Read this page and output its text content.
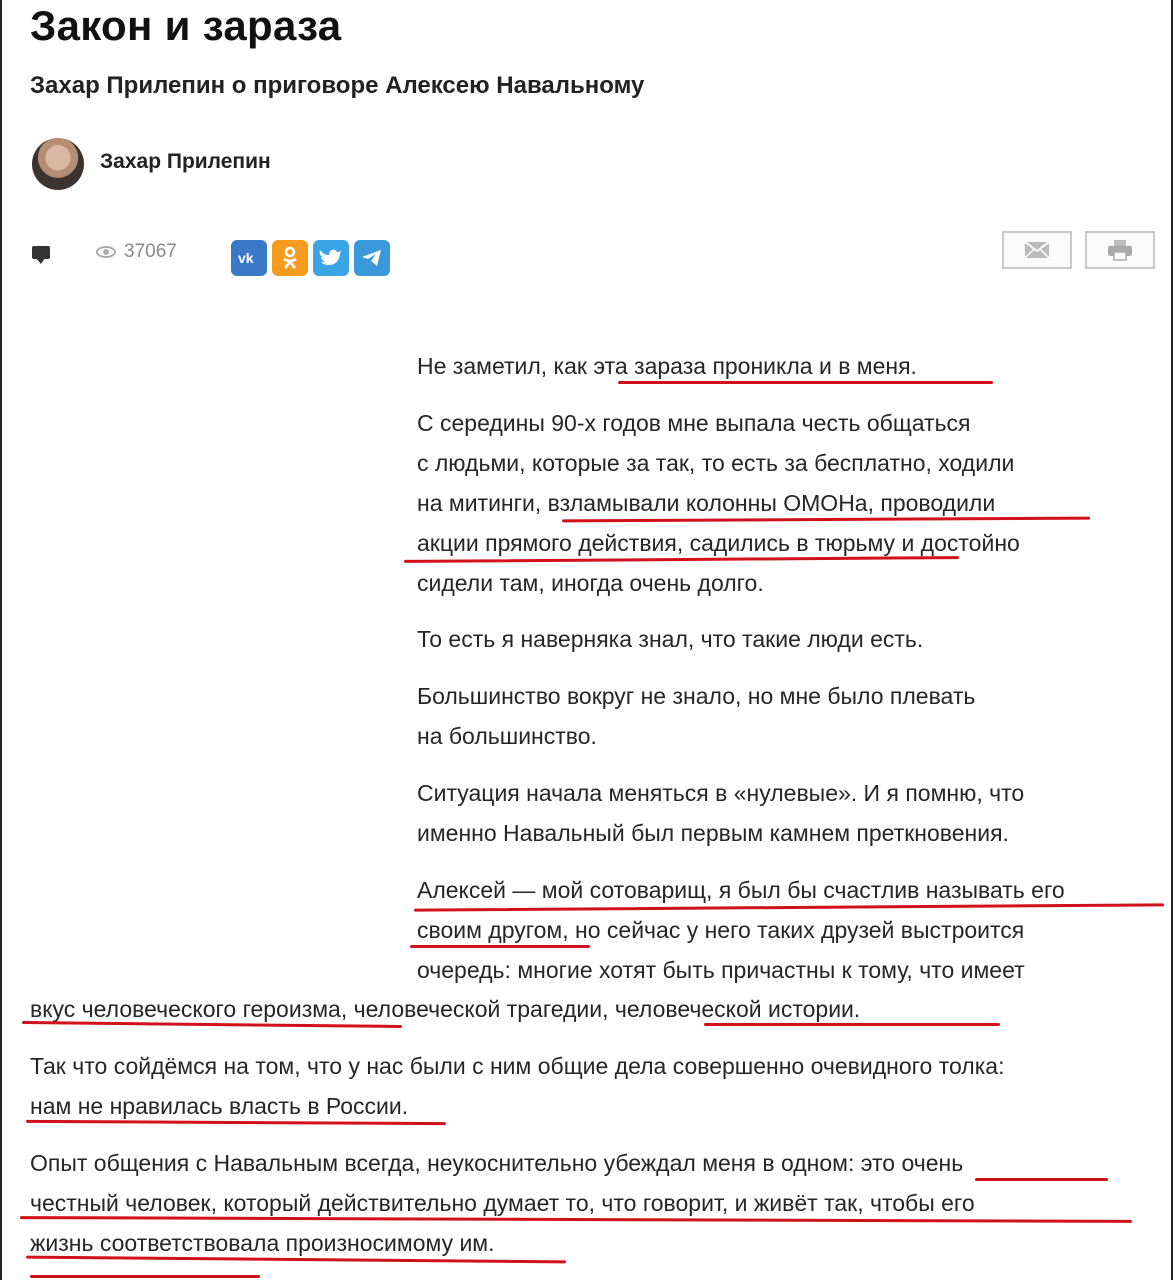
Закон и зараза
Захар Прилепин о приговоре Алексею Навальному
Захар Прилепин
37067	vk
Не заметил, как эта зараза проникла и в меня.
С середины 90-х годов мне выпала честь общаться
с людьми, которые за так, то есть за бесплатно, ходили
на митинги, взламывали колонны ОМОНа, проводили
акции прямого действия, садились в тюрьму и достойно
сидели там, иногда очень долго.
То есть я наверняка знал, что такие люди есть.
Большинство вокруг не знало, но мне было плевать
на большинство.
Ситуация начала меняться в «нулевые». И я помню, что
именно Навальный был первым камнем преткновения.
Алексей — мой сотоварищ, я был бы счастлив называть его
своим другом, но сейчас у него таких друзей выстроится
очередь: многие хотят быть причастны к тому, что имеет
вкус человеческого героизма, человеческой трагедии, человеческой истории.
Так что сойдёмся на том, что у нас были с ним общие дела совершенно очевидного толка:
нам не нравилась власть в России.
Опыт общения с Навальным всегда, неукоснительно убеждал меня в одном: это очень
честный человек, который действительно думает то, что говорит, и живёт так, чтобы его
жизнь соответствовала произносимому им.
